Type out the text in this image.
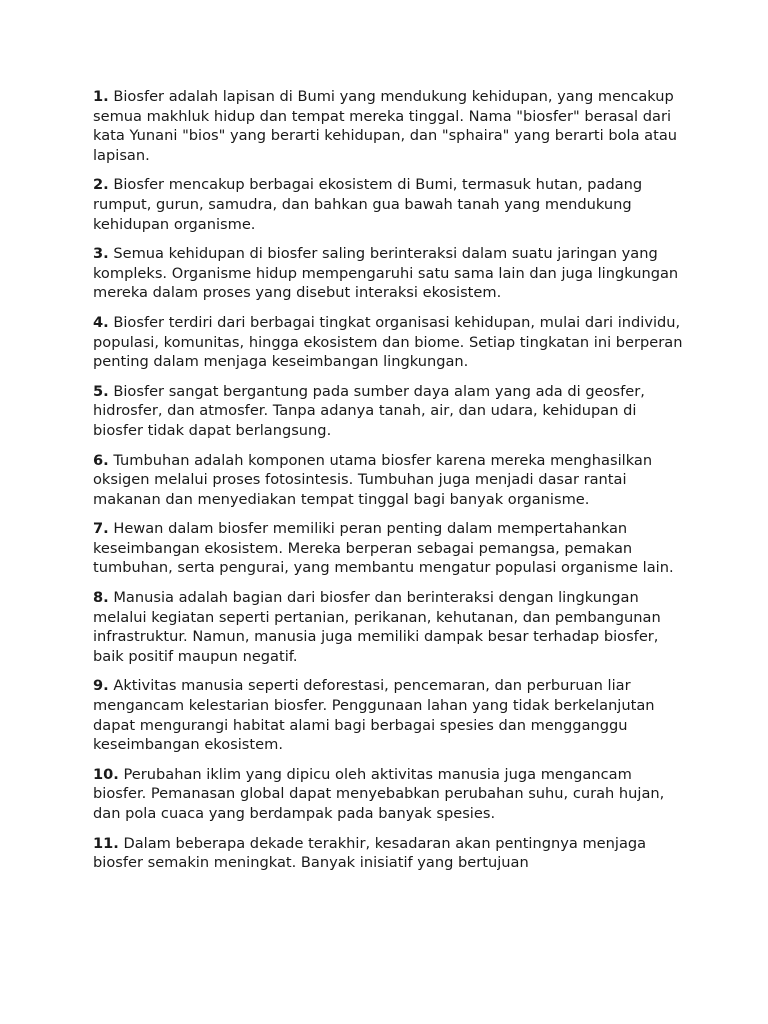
1. Biosfer adalah lapisan di Bumi yang mendukung kehidupan, yang mencakup semua makhluk hidup dan tempat mereka tinggal. Nama "biosfer" berasal dari kata Yunani "bios" yang berarti kehidupan, dan "sphaira" yang berarti bola atau lapisan.

2. Biosfer mencakup berbagai ekosistem di Bumi, termasuk hutan, padang rumput, gurun, samudra, dan bahkan gua bawah tanah yang mendukung kehidupan organisme.

3. Semua kehidupan di biosfer saling berinteraksi dalam suatu jaringan yang kompleks. Organisme hidup mempengaruhi satu sama lain dan juga lingkungan mereka dalam proses yang disebut interaksi ekosistem.

4. Biosfer terdiri dari berbagai tingkat organisasi kehidupan, mulai dari individu, populasi, komunitas, hingga ekosistem dan biome. Setiap tingkatan ini berperan penting dalam menjaga keseimbangan lingkungan.

5. Biosfer sangat bergantung pada sumber daya alam yang ada di geosfer, hidrosfer, dan atmosfer. Tanpa adanya tanah, air, dan udara, kehidupan di biosfer tidak dapat berlangsung.

6. Tumbuhan adalah komponen utama biosfer karena mereka menghasilkan oksigen melalui proses fotosintesis. Tumbuhan juga menjadi dasar rantai makanan dan menyediakan tempat tinggal bagi banyak organisme.

7. Hewan dalam biosfer memiliki peran penting dalam mempertahankan keseimbangan ekosistem. Mereka berperan sebagai pemangsa, pemakan tumbuhan, serta pengurai, yang membantu mengatur populasi organisme lain.

8. Manusia adalah bagian dari biosfer dan berinteraksi dengan lingkungan melalui kegiatan seperti pertanian, perikanan, kehutanan, dan pembangunan infrastruktur. Namun, manusia juga memiliki dampak besar terhadap biosfer, baik positif maupun negatif.

9. Aktivitas manusia seperti deforestasi, pencemaran, dan perburuan liar mengancam kelestarian biosfer. Penggunaan lahan yang tidak berkelanjutan dapat mengurangi habitat alami bagi berbagai spesies dan mengganggu keseimbangan ekosistem.

10. Perubahan iklim yang dipicu oleh aktivitas manusia juga mengancam biosfer. Pemanasan global dapat menyebabkan perubahan suhu, curah hujan, dan pola cuaca yang berdampak pada banyak spesies.

11. Dalam beberapa dekade terakhir, kesadaran akan pentingnya menjaga biosfer semakin meningkat. Banyak inisiatif yang bertujuan
